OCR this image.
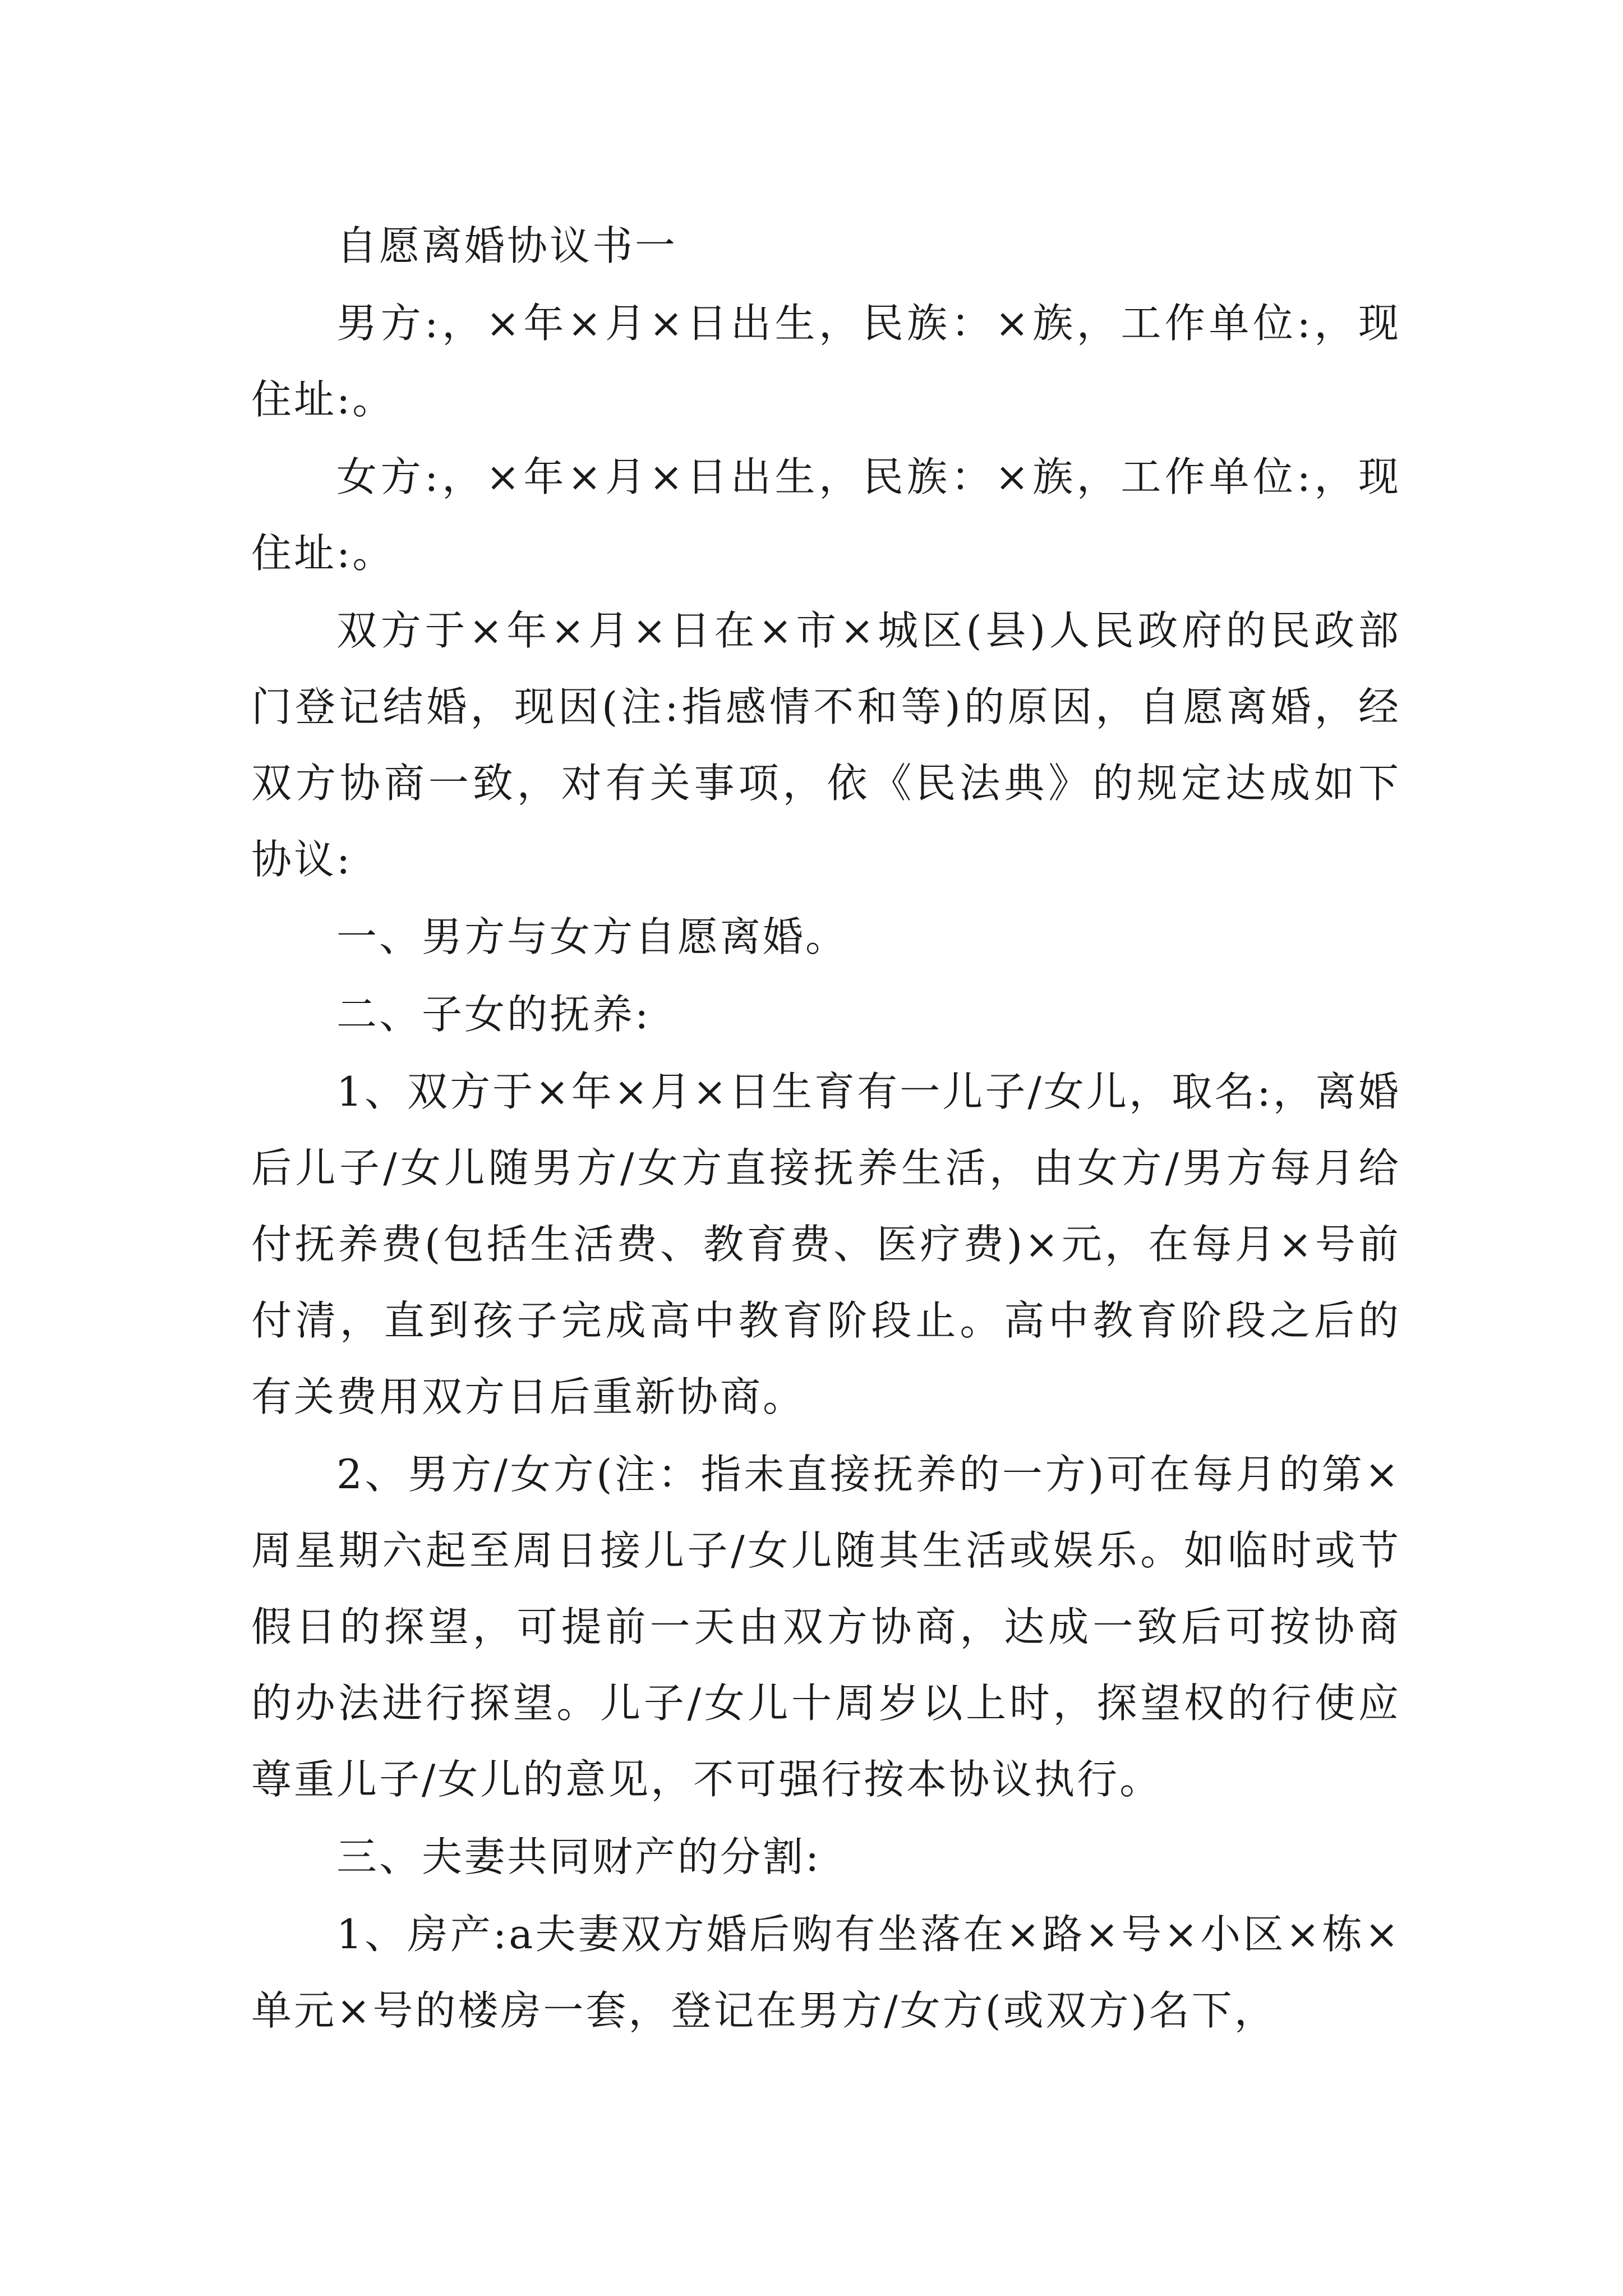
自愿离婚协议书一

男方:，×年×月×日出生，民族：×族，工作单位:，现住址:。

女方:，×年×月×日出生，民族：×族，工作单位:，现住址:。

双方于×年×月×日在×市×城区(县)人民政府的民政部门登记结婚，现因(注:指感情不和等)的原因，自愿离婚，经双方协商一致，对有关事项，依《民法典》的规定达成如下协议:

一、男方与女方自愿离婚。

二、子女的抚养:

1、双方于×年×月×日生育有一儿子/女儿，取名:，离婚后儿子/女儿随男方/女方直接抚养生活，由女方/男方每月给付抚养费(包括生活费、教育费、医疗费)×元，在每月×号前付清，直到孩子完成高中教育阶段止。高中教育阶段之后的有关费用双方日后重新协商。

2、男方/女方(注：指未直接抚养的一方)可在每月的第×周星期六起至周日接儿子/女儿随其生活或娱乐。如临时或节假日的探望，可提前一天由双方协商，达成一致后可按协商的办法进行探望。儿子/女儿十周岁以上时，探望权的行使应尊重儿子/女儿的意见，不可强行按本协议执行。

三、夫妻共同财产的分割:

1、房产:a夫妻双方婚后购有坐落在×路×号×小区×栋×单元×号的楼房一套，登记在男方/女方(或双方)名下，
